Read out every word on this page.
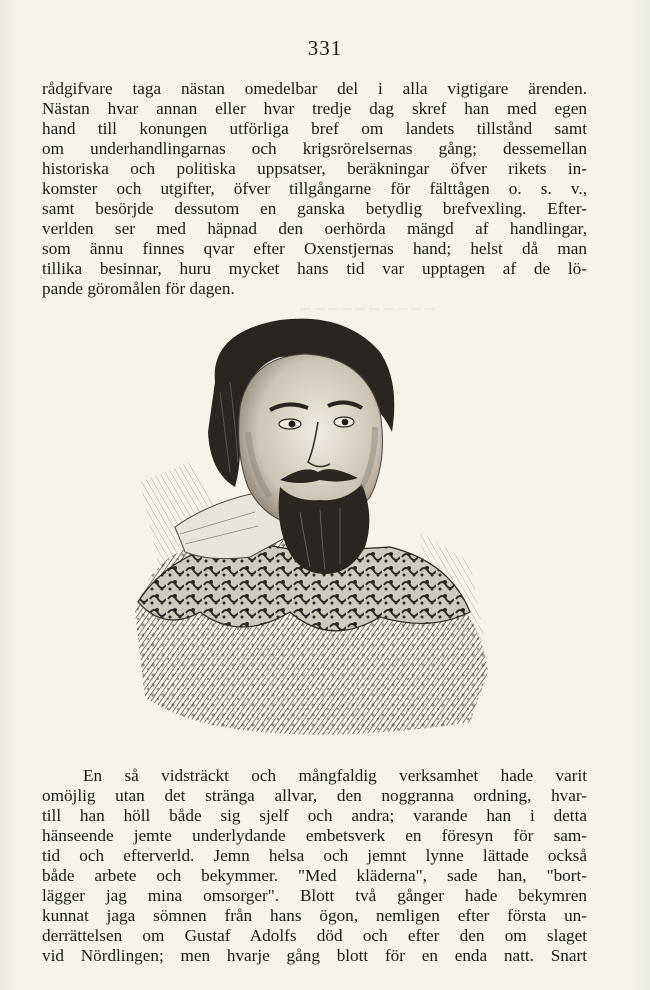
331
rådgifvare taga nästan omedelbar del i alla vigtigare ärenden.
Nästan hvar annan eller hvar tredje dag skref han med egen
hand till konungen utförliga bref om landets tillstånd samt
om underhandlingarnas och krigsrörelsernas gång; dessemellan
historiska och politiska uppsatser, beräkningar öfver rikets in-
komster och utgifter, öfver tillgångarne för fälttågen o. s. v.,
samt besörjde dessutom en ganska betydlig brefvexling. Efter-
verlden ser med häpnad den oerhörda mängd af handlingar,
som ännu finnes qvar efter Oxenstjernas hand; helst då man
tillika besinnar, huru mycket hans tid var upptagen af de lö-
pande göromålen för dagen.
ꟷ ꟷ ꟷ ꟷ ꟷ ꟷ ꟷ ꟷ ꟷ ꟷ
En så vidsträckt och mångfaldig verksamhet hade varit
omöjlig utan det stränga allvar, den noggranna ordning, hvar-
till han höll både sig sjelf och andra; varande han i detta
hänseende jemte underlydande embetsverk en föresyn för sam-
tid och efterverld. Jemn helsa och jemnt lynne lättade också
både arbete och bekymmer. "Med kläderna", sade han, "bort-
lägger jag mina omsorger". Blott två gånger hade bekymren
kunnat jaga sömnen från hans ögon, nemligen efter första un-
derrättelsen om Gustaf Adolfs död och efter den om slaget
vid Nördlingen; men hvarje gång blott för en enda natt. Snart
